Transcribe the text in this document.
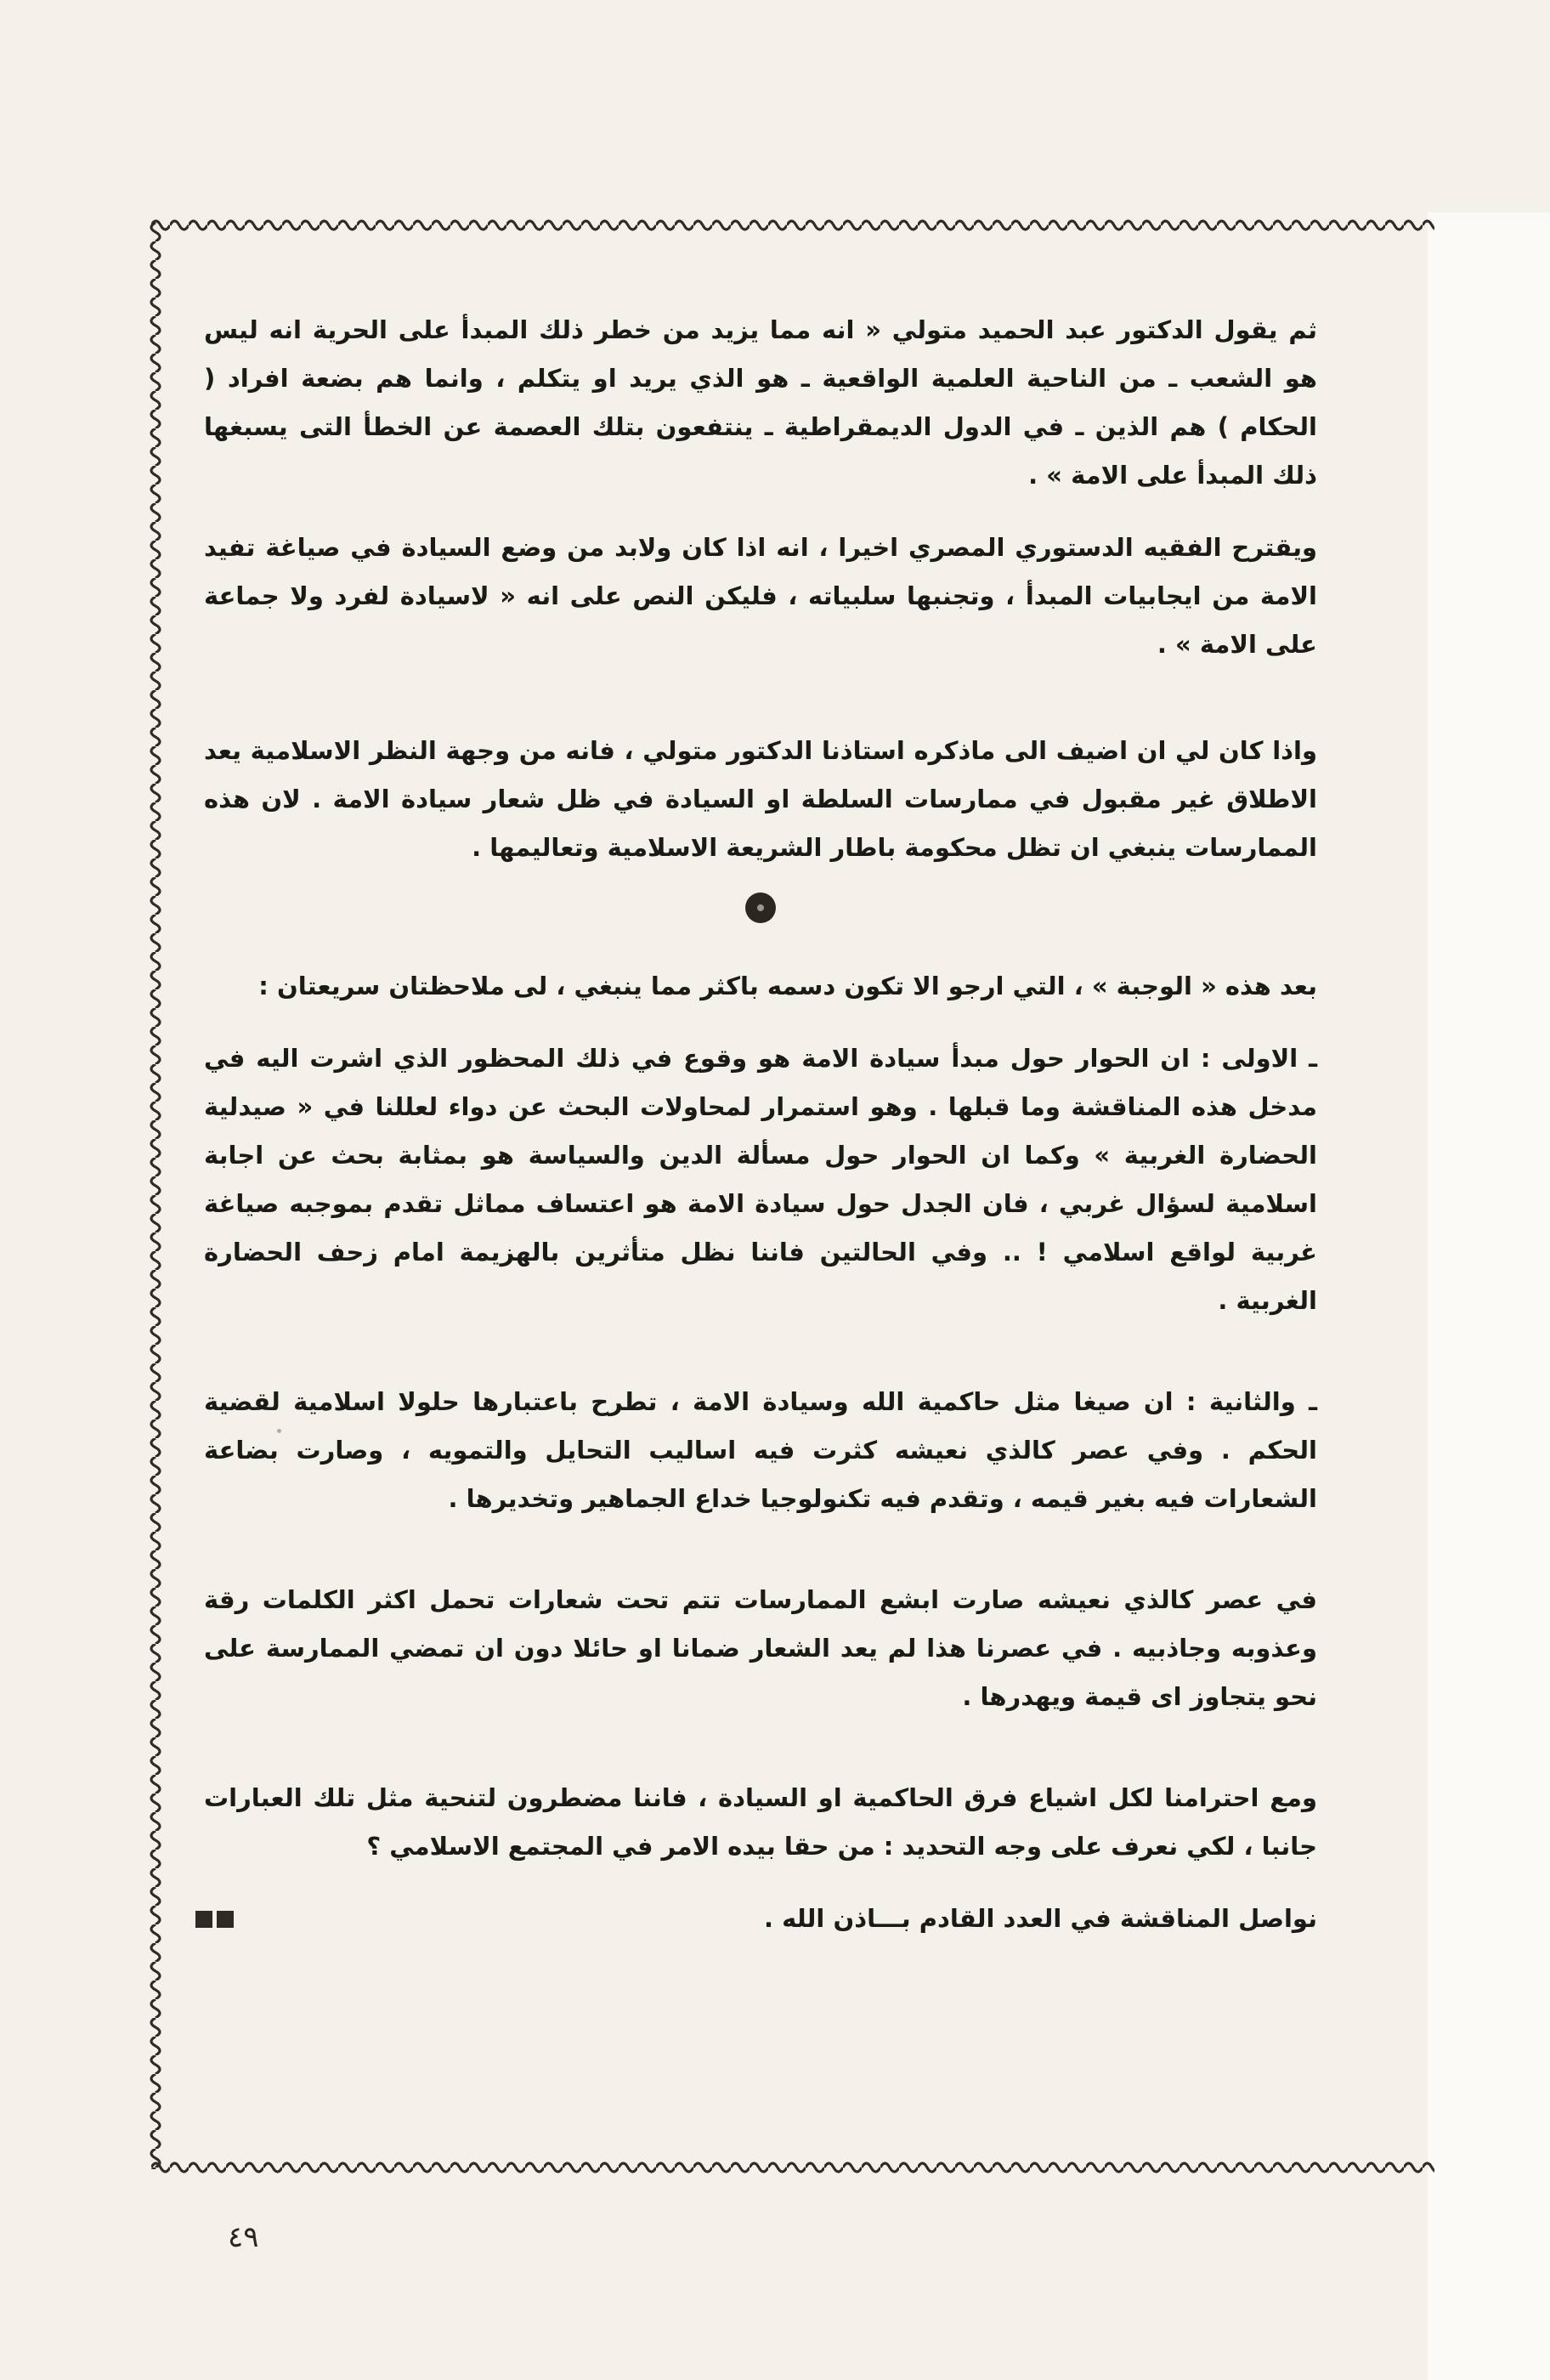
ثم يقول الدكتور عبد الحميد متولي « انه مما يزيد من خطر ذلك المبدأ على الحرية انه ليس هو الشعب ـ من الناحية العلمية الواقعية ـ هو الذي يريد او يتكلم ، وانما هم بضعة افراد ( الحكام ) هم الذين ـ في الدول الديمقراطية ـ ينتفعون بتلك العصمة عن الخطأ التى يسبغها ذلك المبدأ على الامة » .

ويقترح الفقيه الدستوري المصري اخيرا ، انه اذا كان ولابد من وضع السيادة في صياغة تفيد الامة من ايجابيات المبدأ ، وتجنبها سلبياته ، فليكن النص على انه « لاسيادة لفرد ولا جماعة على الامة » .

واذا كان لي ان اضيف الى ماذكره استاذنا الدكتور متولي ، فانه من وجهة النظر الاسلامية يعد الاطلاق غير مقبول في ممارسات السلطة او السيادة في ظل شعار سيادة الامة . لان هذه الممارسات ينبغي ان تظل محكومة باطار الشريعة الاسلامية وتعاليمها .

بعد هذه « الوجبة » ، التي ارجو الا تكون دسمه باكثر مما ينبغي ، لى ملاحظتان سريعتان :

ـ الاولى : ان الحوار حول مبدأ سيادة الامة هو وقوع في ذلك المحظور الذي اشرت اليه في مدخل هذه المناقشة وما قبلها . وهو استمرار لمحاولات البحث عن دواء لعللنا في « صيدلية الحضارة الغربية » وكما ان الحوار حول مسألة الدين والسياسة هو بمثابة بحث عن اجابة اسلامية لسؤال غربي ، فان الجدل حول سيادة الامة هو اعتساف مماثل تقدم بموجبه صياغة غربية لواقع اسلامي ! .. وفي الحالتين فاننا نظل متأثرين بالهزيمة امام زحف الحضارة الغربية .

ـ والثانية : ان صيغا مثل حاكمية الله وسيادة الامة ، تطرح باعتبارها حلولا اسلامية لقضية الحكم . وفي عصر كالذي نعيشه كثرت فيه اساليب التحايل والتمويه ، وصارت بضاعة الشعارات فيه بغير قيمه ، وتقدم فيه تكنولوجيا خداع الجماهير وتخديرها .

في عصر كالذي نعيشه صارت ابشع الممارسات تتم تحت شعارات تحمل اكثر الكلمات رقة وعذوبه وجاذبيه . في عصرنا هذا لم يعد الشعار ضمانا او حائلا دون ان تمضي الممارسة على نحو يتجاوز اى قيمة ويهدرها .

ومع احترامنا لكل اشياع فرق الحاكمية او السيادة ، فاننا مضطرون لتنحية مثل تلك العبارات جانبا ، لكي نعرف على وجه التحديد : من حقا بيده الامر في المجتمع الاسلامي ؟

نواصل المناقشة في العدد القادم بـــاذن الله .

٤٩
